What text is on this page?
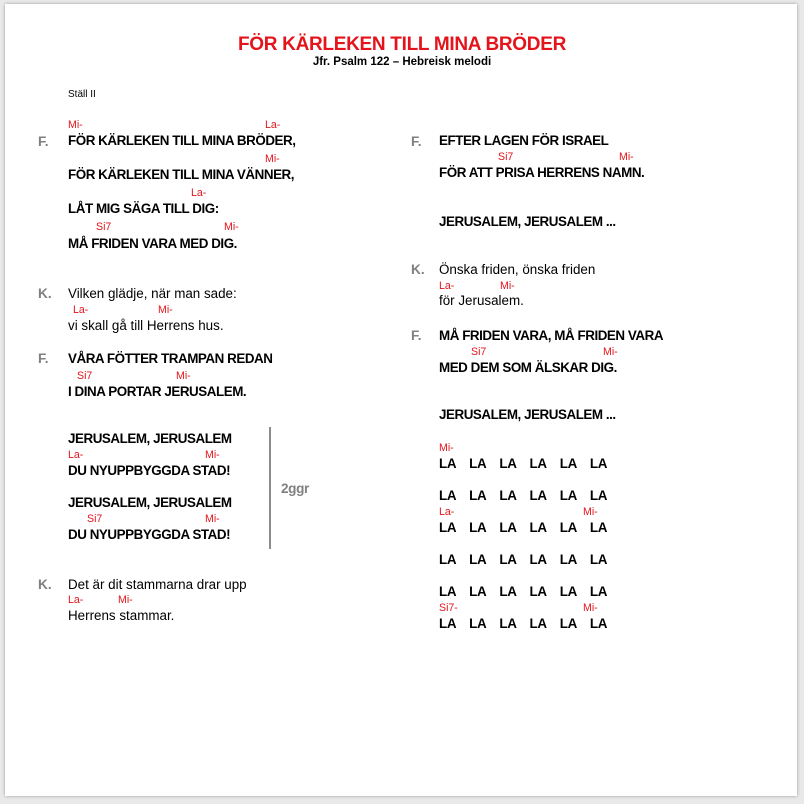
FÖR KÄRLEKEN TILL MINA BRÖDER
Jfr. Psalm 122 – Hebreisk melodi
Ställ II
Mi-	La-
F. FÖR KÄRLEKEN TILL MINA BRÖDER,
Mi-
FÖR KÄRLEKEN TILL MINA VÄNNER,
La-
LÅT MIG SÄGA TILL DIG:
Si7	Mi-
MÅ FRIDEN VARA MED DIG.
K. Vilken glädje, när man sade:
La-	Mi-
vi skall gå till Herrens hus.
F. VÅRA FÖTTER TRAMPAN REDAN
Si7	Mi-
I DINA PORTAR JERUSALEM.
JERUSALEM, JERUSALEM
La-	Mi-
DU NYUPPBYGGDA STAD!
JERUSALEM, JERUSALEM
Si7	Mi-
DU NYUPPBYGGDA STAD!
2ggr
K. Det är dit stammarna drar upp
La-	Mi-
Herrens stammar.
F. EFTER LAGEN FÖR ISRAEL
Si7	Mi-
FÖR ATT PRISA HERRENS NAMN.
JERUSALEM, JERUSALEM ...
K. Önska friden, önska friden
La-	Mi-
för Jerusalem.
F. MÅ FRIDEN VARA, MÅ FRIDEN VARA
Si7	Mi-
MED DEM SOM ÄLSKAR DIG.
JERUSALEM, JERUSALEM ...
Mi-
LA LA LA LA LA LA
LA LA LA LA LA LA
La-	Mi-
LA LA LA LA LA LA
LA LA LA LA LA LA
LA LA LA LA LA LA
Si7-	Mi-
LA LA LA LA LA LA
